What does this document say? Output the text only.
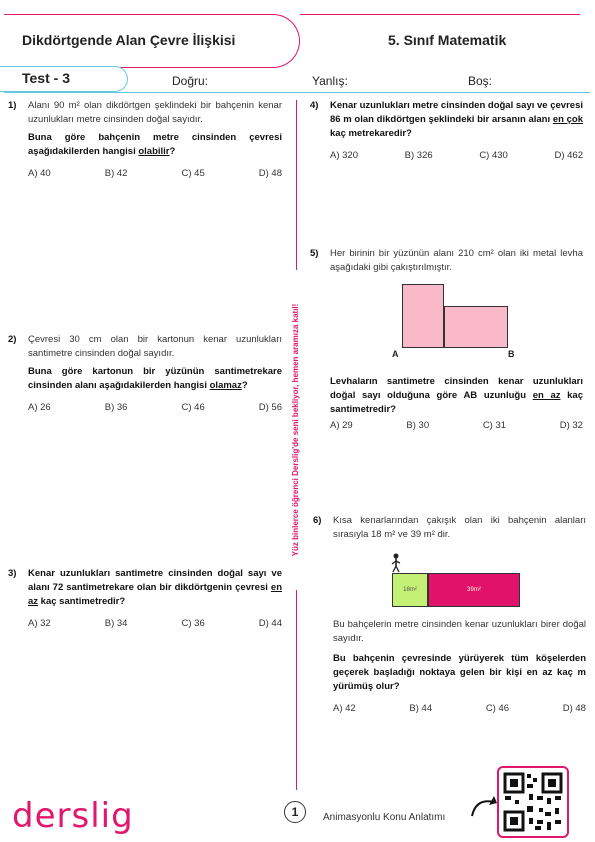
Dikdörtgende Alan Çevre İlişkisi	5. Sınıf Matematik
Test - 3	Doğru:	Yanlış:	Boş:
Yüz binlerce öğrenci Derslig'de seni bekliyor, hemen aramıza katıl!
1) Alanı 90 m² olan dikdörtgen şeklindeki bir bahçenin kenar uzunlukları metre cinsinden doğal sayıdır.

Buna göre bahçenin metre cinsinden çevresi aşağıdakilerden hangisi olabilir?

A) 40	B) 42	C) 45	D) 48
2) Çevresi 30 cm olan bir kartonun kenar uzunlukları santimetre cinsinden doğal sayıdır.

Buna göre kartonun bir yüzünün santimetrekare cinsinden alanı aşağıdakilerden hangisi olamaz?

A) 26	B) 36	C) 46	D) 56
3) Kenar uzunlukları santimetre cinsinden doğal sayı ve alanı 72 santimetrekare olan bir dikdörtgenin çevresi en az kaç santimetredir?

A) 32	B) 34	C) 36	D) 44
4) Kenar uzunlukları metre cinsinden doğal sayı ve çevresi 86 m olan dikdörtgen şeklindeki bir arsanın alanı en çok kaç metrekaredir?

A) 320	B) 326	C) 430	D) 462
5) Her birinin bir yüzünün alanı 210 cm² olan iki metal levha aşağıdaki gibi çakıştırılmıştır.

A	B

Levhaların santimetre cinsinden kenar uzunlukları doğal sayı olduğuna göre AB uzunluğu en az kaç santimetredir?

A) 29	B) 30	C) 31	D) 32
6) Kısa kenarlarından çakışık olan iki bahçenin alanları sırasıyla 18 m² ve 39 m² dir.

18m²	39m²

Bu bahçelerin metre cinsinden kenar uzunlukları birer doğal sayıdır.

Bu bahçenin çevresinde yürüyerek tüm köşelerden geçerek başladığı noktaya gelen bir kişi en az kaç m yürümüş olur?

A) 42	B) 44	C) 46	D) 48
derslig	1	Animasyonlu Konu Anlatımı
